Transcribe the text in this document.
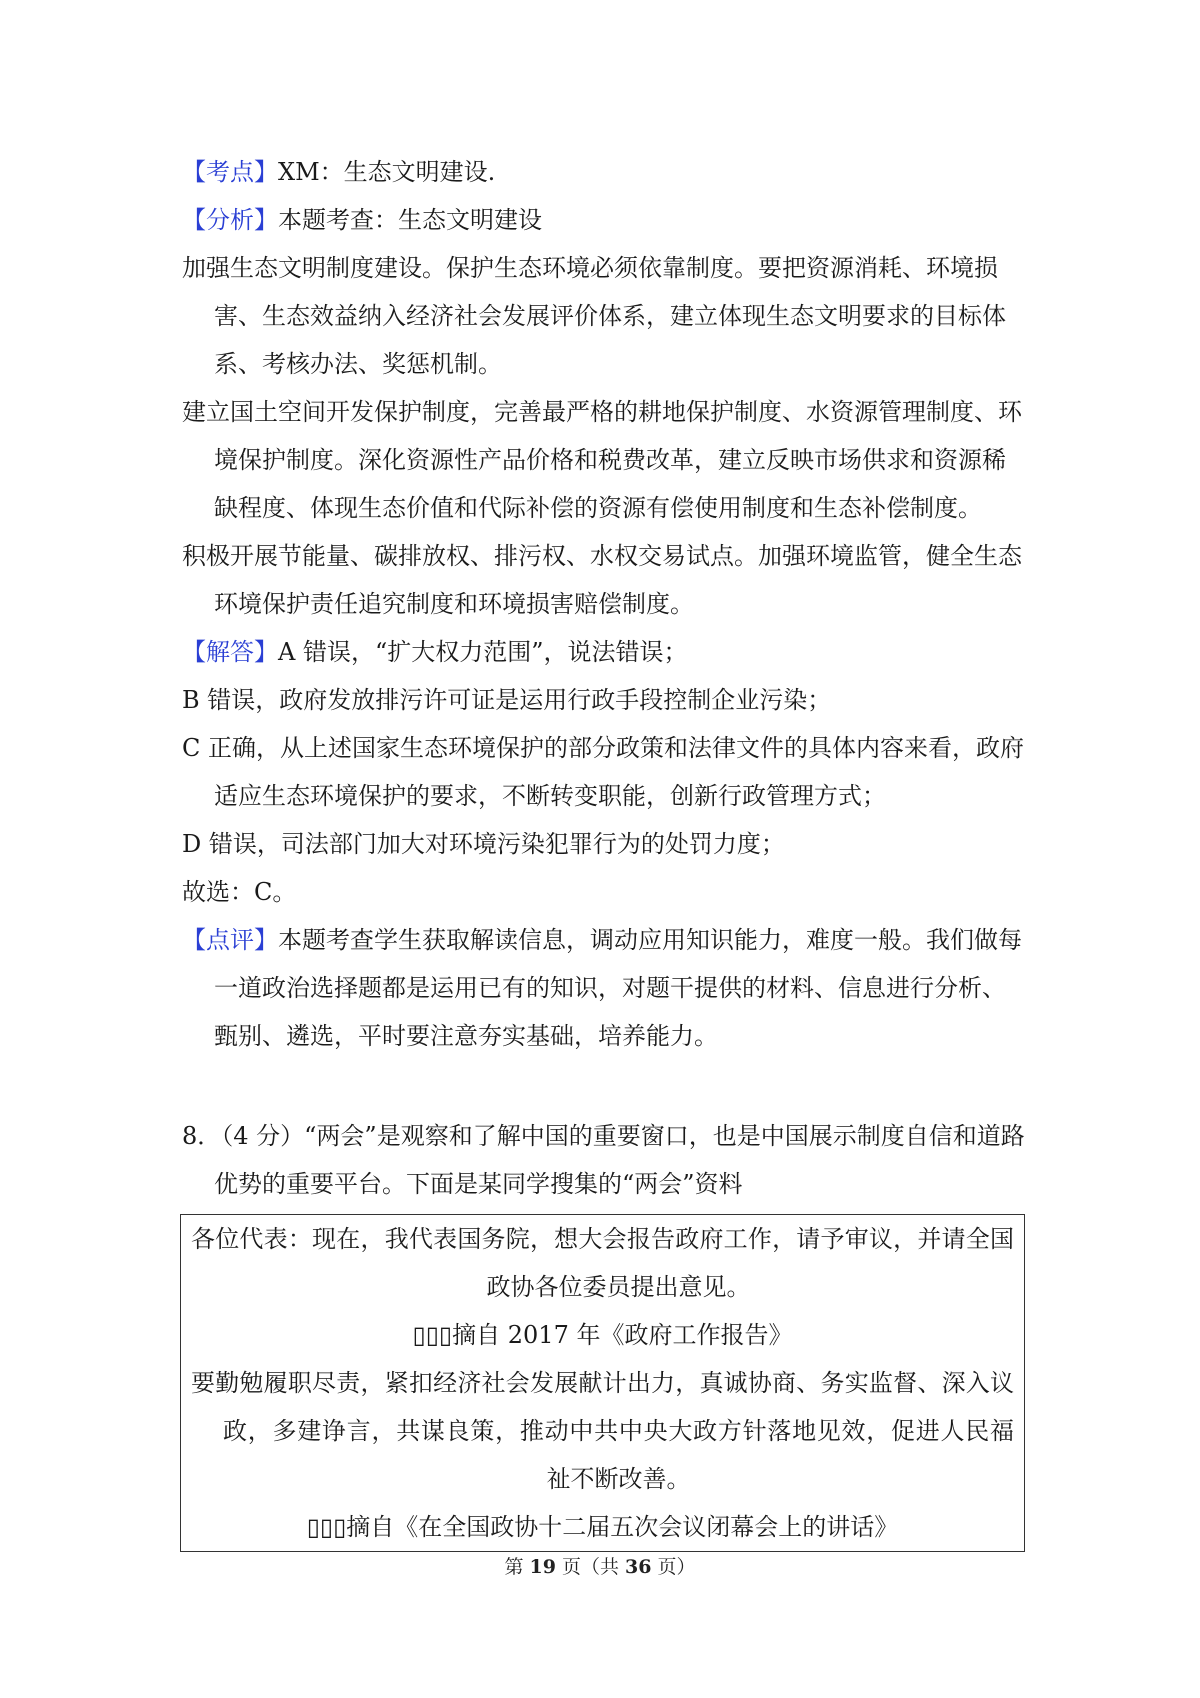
【考点】XM：生态文明建设.

【分析】本题考查：生态文明建设

加强生态文明制度建设。保护生态环境必须依靠制度。要把资源消耗、环境损害、生态效益纳入经济社会发展评价体系，建立体现生态文明要求的目标体系、考核办法、奖惩机制。

建立国土空间开发保护制度，完善最严格的耕地保护制度、水资源管理制度、环境保护制度。深化资源性产品价格和税费改革，建立反映市场供求和资源稀缺程度、体现生态价值和代际补偿的资源有偿使用制度和生态补偿制度。

积极开展节能量、碳排放权、排污权、水权交易试点。加强环境监管，健全生态环境保护责任追究制度和环境损害赔偿制度。

【解答】A 错误，“扩大权力范围”，说法错误；

B 错误，政府发放排污许可证是运用行政手段控制企业污染；

C 正确，从上述国家生态环境保护的部分政策和法律文件的具体内容来看，政府适应生态环境保护的要求，不断转变职能，创新行政管理方式；

D 错误，司法部门加大对环境污染犯罪行为的处罚力度；

故选：C。

【点评】本题考查学生获取解读信息，调动应用知识能力，难度一般。我们做每一道政治选择题都是运用已有的知识，对题干提供的材料、信息进行分析、甄别、遴选，平时要注意夯实基础，培养能力。

8．（4 分）“两会”是观察和了解中国的重要窗口，也是中国展示制度自信和道路优势的重要平台。下面是某同学搜集的“两会”资料

各位代表：现在，我代表国务院，想大会报告政府工作，请予审议，并请全国政协各位委员提出意见。

▯▯▯摘自 2017 年《政府工作报告》

要勤勉履职尽责，紧扣经济社会发展献计出力，真诚协商、务实监督、深入议政，多建诤言，共谋良策，推动中共中央大政方针落地见效，促进人民福祉不断改善。

▯▯▯摘自《在全国政协十二届五次会议闭幕会上的讲话》

第 19 页（共 36 页）
